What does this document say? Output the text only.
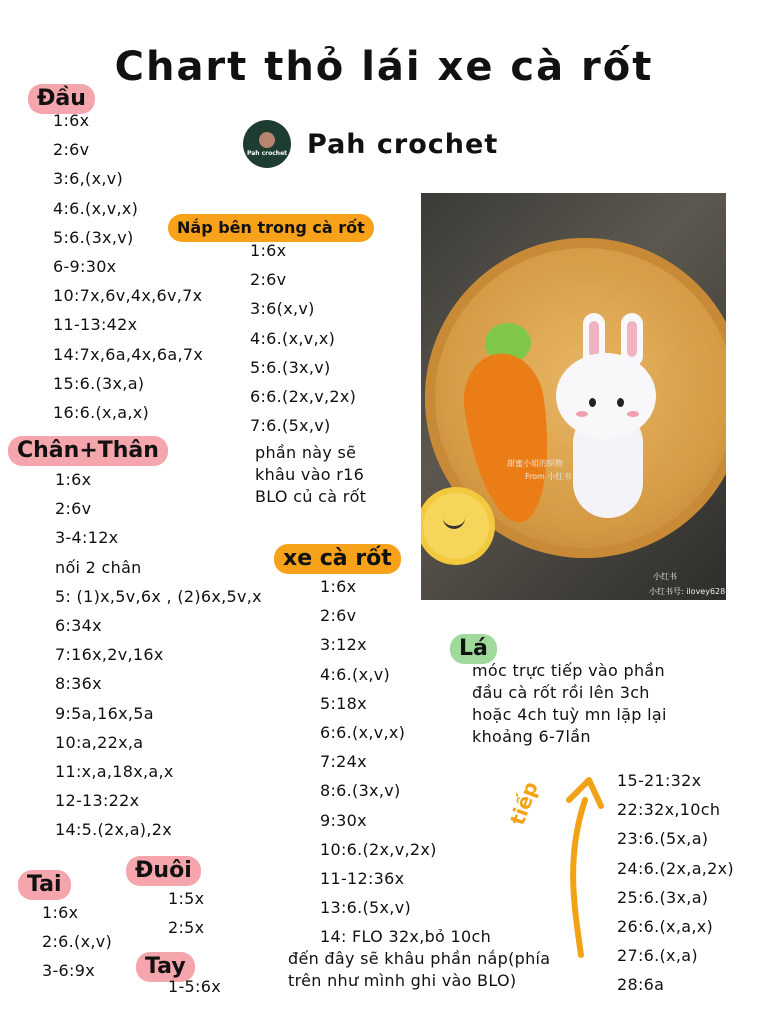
Chart thỏ lái xe cà rốt
Pah crochet Pah crochet
Đầu
1:6x
2:6v
3:6,(x,v)
4:6.(x,v,x)
5:6.(3x,v)
6-9:30x
10:7x,6v,4x,6v,7x
11-13:42x
14:7x,6a,4x,6a,7x
15:6.(3x,a)
16:6.(x,a,x)
Nắp bên trong cà rốt
1:6x
2:6v
3:6(x,v)
4:6.(x,v,x)
5:6.(3x,v)
6:6.(2x,v,2x)
7:6.(5x,v)
phần này sẽ
khâu vào r16
BLO củ cà rốt
Chân+Thân
1:6x
2:6v
3-4:12x
nối 2 chân
5: (1)x,5v,6x , (2)6x,5v,x
6:34x
7:16x,2v,16x
8:36x
9:5a,16x,5a
10:a,22x,a
11:x,a,18x,a,x
12-13:22x
14:5.(2x,a),2x
甜蜜小姐的织物
From 小红书
小红书
小红书号: ilovey628
xe cà rốt
1:6x
2:6v
3:12x
4:6.(x,v)
5:18x
6:6.(x,v,x)
7:24x
8:6.(3x,v)
9:30x
10:6.(2x,v,2x)
11-12:36x
13:6.(5x,v)
14: FLO 32x,bỏ 10ch
đến đây sẽ khâu phần nắp(phía
trên như mình ghi vào BLO)
Lá
móc trực tiếp vào phần
đầu cà rốt rồi lên 3ch
hoặc 4ch tuỳ mn lặp lại
khoảng 6-7lần
tiếp	15-21:32x
22:32x,10ch
23:6.(5x,a)
24:6.(2x,a,2x)
25:6.(3x,a)
26:6.(x,a,x)
27:6.(x,a)
28:6a
Tai
1:6x
2:6.(x,v)
3-6:9x
Đuôi
1:5x
2:5x
Tay
1-5:6x
